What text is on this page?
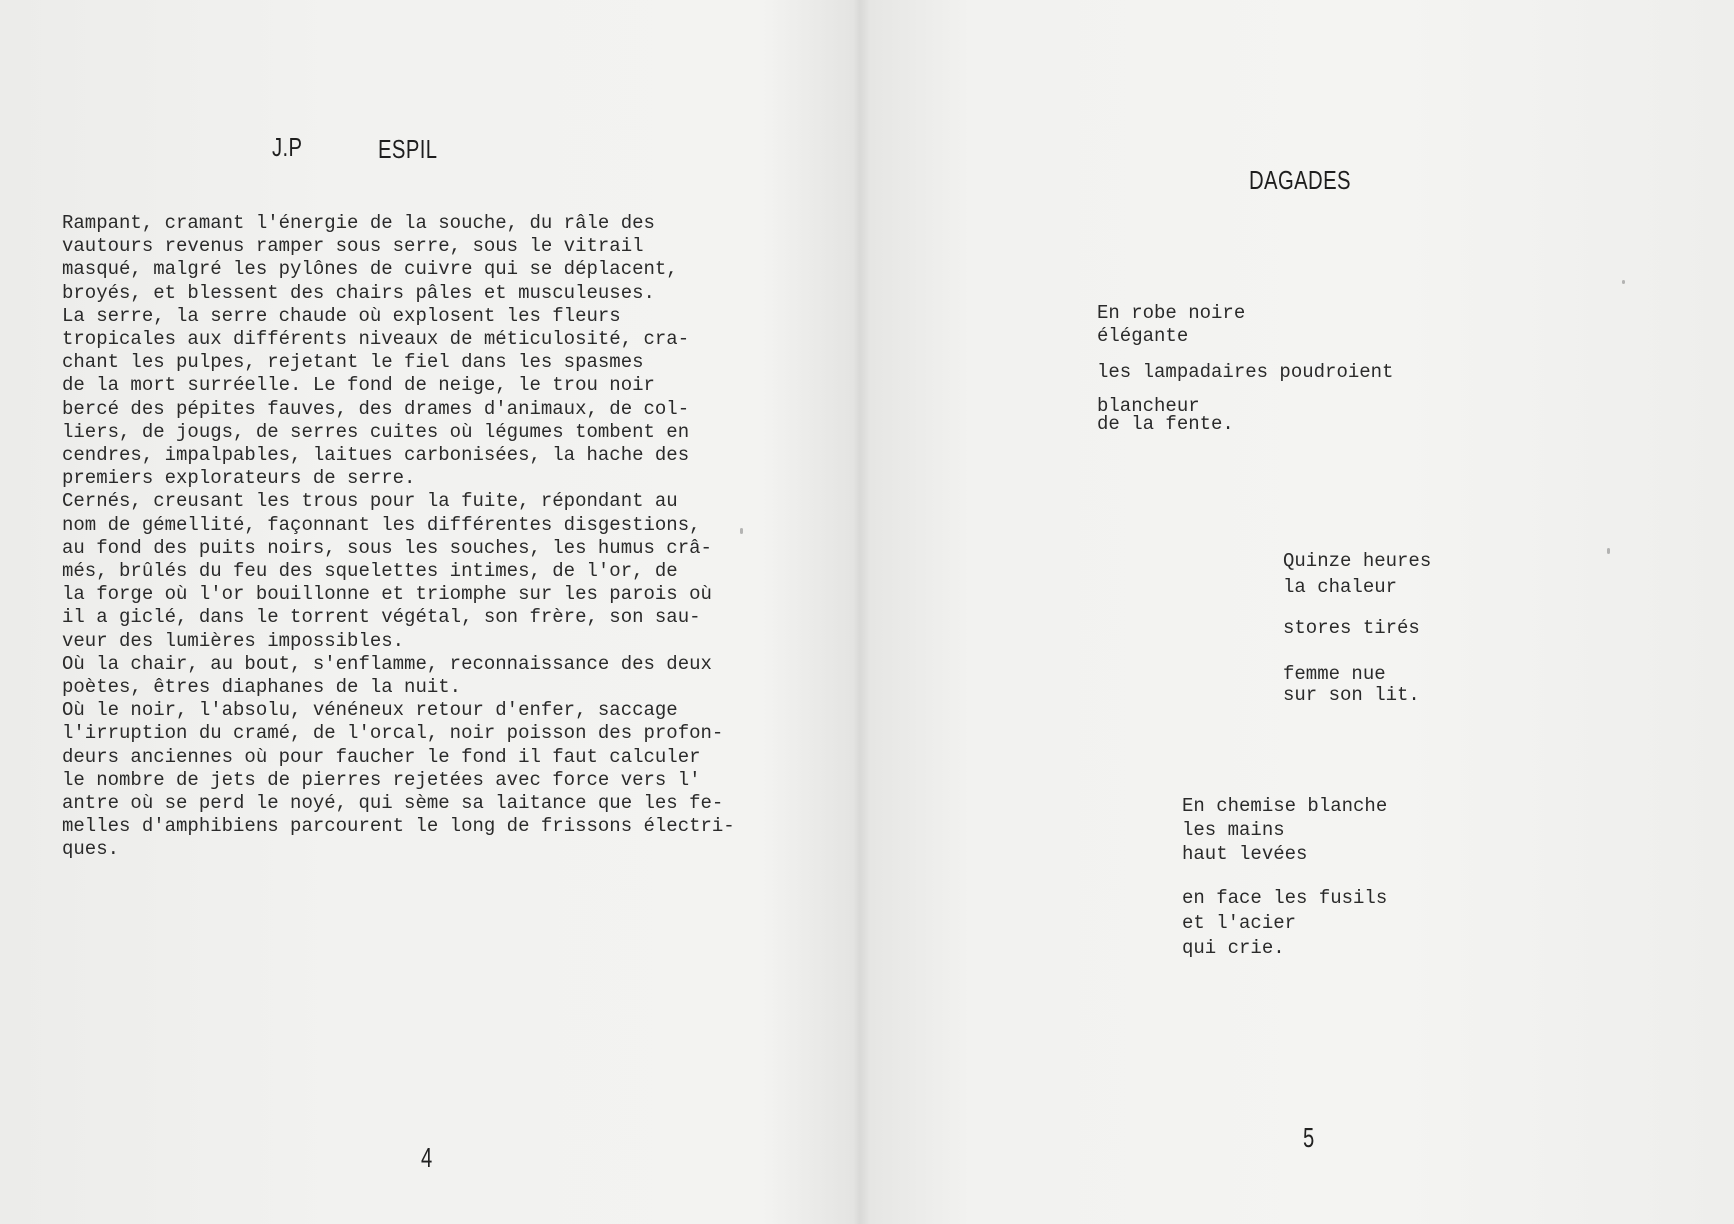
J.P	ESPIL

Rampant, cramant l'énergie de la souche, du râle des
vautours revenus ramper sous serre, sous le vitrail
masqué, malgré les pylônes de cuivre qui se déplacent,
broyés, et blessent des chairs pâles et musculeuses.
La serre, la serre chaude où explosent les fleurs
tropicales aux différents niveaux de méticulosité, cra-
chant les pulpes, rejetant le fiel dans les spasmes
de la mort surréelle. Le fond de neige, le trou noir
bercé des pépites fauves, des drames d'animaux, de col-
liers, de jougs, de serres cuites où légumes tombent en
cendres, impalpables, laitues carbonisées, la hache des
premiers explorateurs de serre.
Cernés, creusant les trous pour la fuite, répondant au
nom de gémellité, façonnant les différentes disgestions,
au fond des puits noirs, sous les souches, les humus crâ-
més, brûlés du feu des squelettes intimes, de l'or, de
la forge où l'or bouillonne et triomphe sur les parois où
il a giclé, dans le torrent végétal, son frère, son sau-
veur des lumières impossibles.
Où la chair, au bout, s'enflamme, reconnaissance des deux
poètes, êtres diaphanes de la nuit.
Où le noir, l'absolu, vénéneux retour d'enfer, saccage
l'irruption du cramé, de l'orcal, noir poisson des profon-
deurs anciennes où pour faucher le fond il faut calculer
le nombre de jets de pierres rejetées avec force vers l'
antre où se perd le noyé, qui sème sa laitance que les fe-
melles d'amphibiens parcourent le long de frissons électri-
ques.

4
DAGADES

En robe noire
élégante

les lampadaires poudroient

blancheur
de la fente.

Quinze heures
la chaleur

stores tirés

femme nue
sur son lit.

En chemise blanche
les mains
haut levées

en face les fusils
et l'acier
qui crie.

5
